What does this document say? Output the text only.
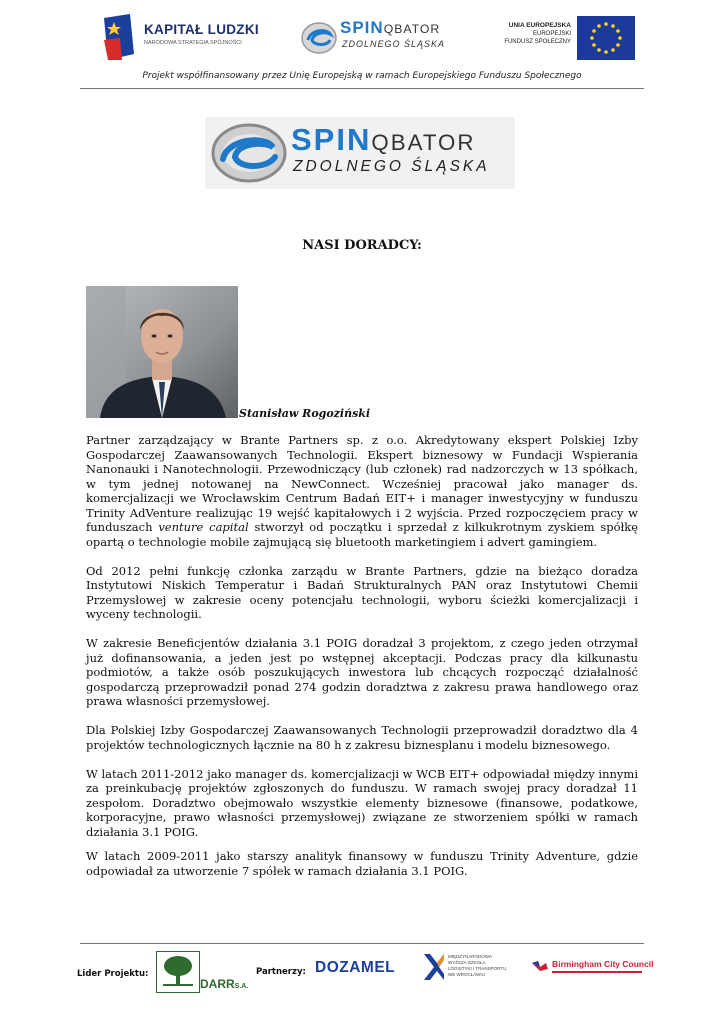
KAPITAŁ LUDZKI
NARODOWA STRATEGIA SPÓJNOŚCI
SPINQBATOR
ZDOLNEGO ŚLĄSKA
UNIA EUROPEJSKA
EUROPEJSKI
FUNDUSZ SPOŁECZNY
Projekt współfinansowany przez Unię Europejską w ramach Europejskiego Funduszu Społecznego
SPINQBATOR
ZDOLNEGO ŚLĄSKA
NASI DORADCY:
Stanisław Rogoziński

Partner zarządzający w Brante Partners sp. z o.o. Akredytowany ekspert Polskiej Izby Gospodarczej Zaawansowanych Technologii. Ekspert biznesowy w Fundacji Wspierania Nanonauki i Nanotechnologii. Przewodniczący (lub członek) rad nadzorczych w 13 spółkach, w tym jednej notowanej na NewConnect. Wcześniej pracował jako manager ds. komercjalizacji we Wrocławskim Centrum Badań EIT+ i manager inwestycyjny w funduszu Trinity AdVenture realizując 19 wejść kapitałowych i 2 wyjścia. Przed rozpoczęciem pracy w funduszach venture capital stworzył od początku i sprzedał z kilkukrotnym zyskiem spółkę opartą o technologie mobile zajmującą się bluetooth marketingiem i advert gamingiem.

Od 2012 pełni funkcję członka zarządu w Brante Partners, gdzie na bieżąco doradza Instytutowi Niskich Temperatur i Badań Strukturalnych PAN oraz Instytutowi Chemii Przemysłowej w zakresie oceny potencjału technologii, wyboru ścieżki komercjalizacji i wyceny technologii.

W zakresie Beneficjentów działania 3.1 POIG doradzał 3 projektom, z czego jeden otrzymał już dofinansowania, a jeden jest po wstępnej akceptacji. Podczas pracy dla kilkunastu podmiotów, a także osób poszukujących inwestora lub chcących rozpocząć działalność gospodarczą przeprowadził ponad 274 godzin doradztwa z zakresu prawa handlowego oraz prawa własności przemysłowej.

Dla Polskiej Izby Gospodarczej Zaawansowanych Technologii przeprowadził doradztwo dla 4 projektów technologicznych łącznie na 80 h z zakresu biznesplanu i modelu biznesowego.

W latach 2011-2012 jako manager ds. komercjalizacji w WCB EIT+ odpowiadał między innymi za preinkubację projektów zgłoszonych do funduszu. W ramach swojej pracy doradzał 11 zespołom. Doradztwo obejmowało wszystkie elementy biznesowe (finansowe, podatkowe, korporacyjne, prawo własności przemysłowej) związane ze stworzeniem spółki w ramach działania 3.1 POIG.

W latach 2009-2011 jako starszy analityk finansowy w funduszu Trinity Adventure, gdzie odpowiadał za utworzenie 7 spółek w ramach działania 3.1 POIG.

Lider Projektu:
DARRS.A.
Partnerzy: DOZAMEL
MIĘDZYNARODOWA
WYŻSZA SZKOŁA
LOGISTYKI I TRANSPORTU
WE WROCŁAWIU
Birmingham City Council
